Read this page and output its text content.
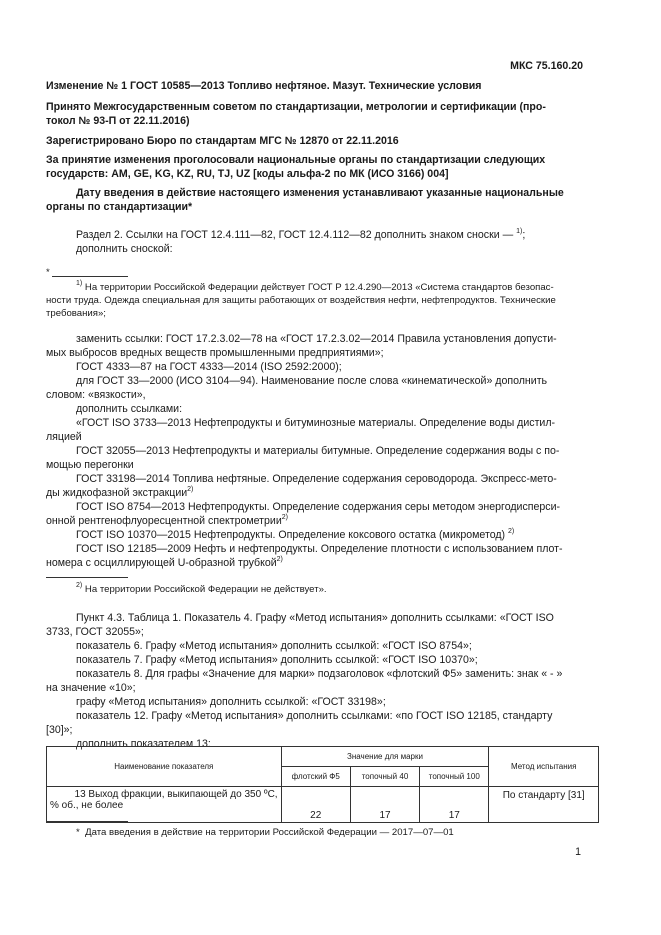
МКС 75.160.20
Изменение № 1 ГОСТ 10585—2013 Топливо нефтяное. Мазут. Технические условия
Принято Межгосударственным советом по стандартизации, метрологии и сертификации (про-
токол № 93-П от 22.11.2016)
Зарегистрировано Бюро по стандартам МГС № 12870 от 22.11.2016
За принятие изменения проголосовали национальные органы по стандартизации следующих
государств: AM, GE, KG, KZ, RU, TJ, UZ [коды альфа-2 по МК (ИСО 3166) 004]
Дату введения в действие настоящего изменения устанавливают указанные национальные
органы по стандартизации*
Раздел 2. Ссылки на ГОСТ 12.4.111—82, ГОСТ 12.4.112—82 дополнить знаком сноски — $^{1)}$;
дополнить сноской:
*
$^{1)}$ На территории Российской Федерации действует ГОСТ Р 12.4.290—2013 «Система стандартов безопас-
ности труда. Одежда специальная для защиты работающих от воздействия нефти, нефтепродуктов. Технические
требования»;
заменить ссылки: ГОСТ 17.2.3.02—78 на «ГОСТ 17.2.3.02—2014 Правила установления допусти-
мых выбросов вредных веществ промышленными предприятиями»;
ГОСТ 4333—87 на ГОСТ 4333—2014 (ISO 2592:2000);
для ГОСТ 33—2000 (ИСО 3104—94). Наименование после слова «кинематической» дополнить
словом: «вязкости»,
дополнить ссылками:
«ГОСТ ISO 3733—2013 Нефтепродукты и битуминозные материалы. Определение воды дистил-
ляцией
ГОСТ 32055—2013 Нефтепродукты и материалы битумные. Определение содержания воды с по-
мощью перегонки
ГОСТ 33198—2014 Топлива нефтяные. Определение содержания сероводорода. Экспресс-мето-
ды жидкофазной экстракции$^{2)}$
ГОСТ ISO 8754—2013 Нефтепродукты. Определение содержания серы методом энергодисперси-
онной рентгенофлуоресцентной спектрометрии$^{2)}$
ГОСТ ISO 10370—2015 Нефтепродукты. Определение коксового остатка (микрометод) $^{2)}$
ГОСТ ISO 12185—2009 Нефть и нефтепродукты. Определение плотности с использованием плот-
номера с осциллирующей U-образной трубкой$^{2)}$
$^{2)}$ На территории Российской Федерации не действует».
Пункт 4.3. Таблица 1. Показатель 4. Графу «Метод испытания» дополнить ссылками: «ГОСТ ISO
3733, ГОСТ 32055»;
показатель 6. Графу «Метод испытания» дополнить ссылкой: «ГОСТ ISO 8754»;
показатель 7. Графу «Метод испытания» дополнить ссылкой: «ГОСТ ISO 10370»;
показатель 8. Для графы «Значение для марки» подзаголовок «флотский Ф5» заменить: знак « - »
на значение «10»;
графу «Метод испытания» дополнить ссылкой: «ГОСТ 33198»;
показатель 12. Графу «Метод испытания» дополнить ссылками: «по ГОСТ ISO 12185, стандарту
[30]»;
дополнить показателем 13:
Наименование показателя	Значение для марки			Метод испытания
	флотский Ф5	топочный 40	топочный 100	

13 Выход фракции, выкипающей до 350 ºС,
% об., не более	22	17	17	По стандарту [31]
* Дата введения в действие на территории Российской Федерации — 2017—07—01
1
